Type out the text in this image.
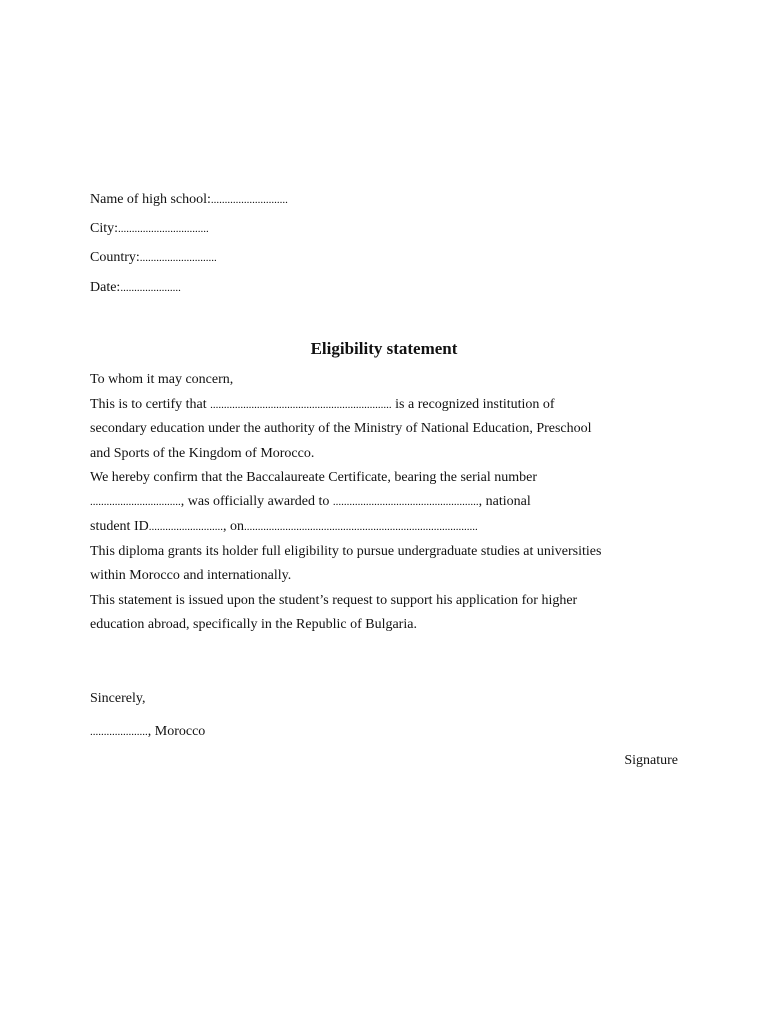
Name of high school:............................
City:.................................
Country:............................
Date:......................
Eligibility statement
To whom it may concern,
This is to certify that .................................................................. is a recognized institution of
secondary education under the authority of the Ministry of National Education, Preschool
and Sports of the Kingdom of Morocco.
We hereby confirm that the Baccalaureate Certificate, bearing the serial number
................................., was officially awarded to ....................................................., national
student ID..........................., on.....................................................................................
This diploma grants its holder full eligibility to pursue undergraduate studies at universities
within Morocco and internationally.
This statement is issued upon the student’s request to support his application for higher
education abroad, specifically in the Republic of Bulgaria.
Sincerely,
....................., Morocco
Signature
